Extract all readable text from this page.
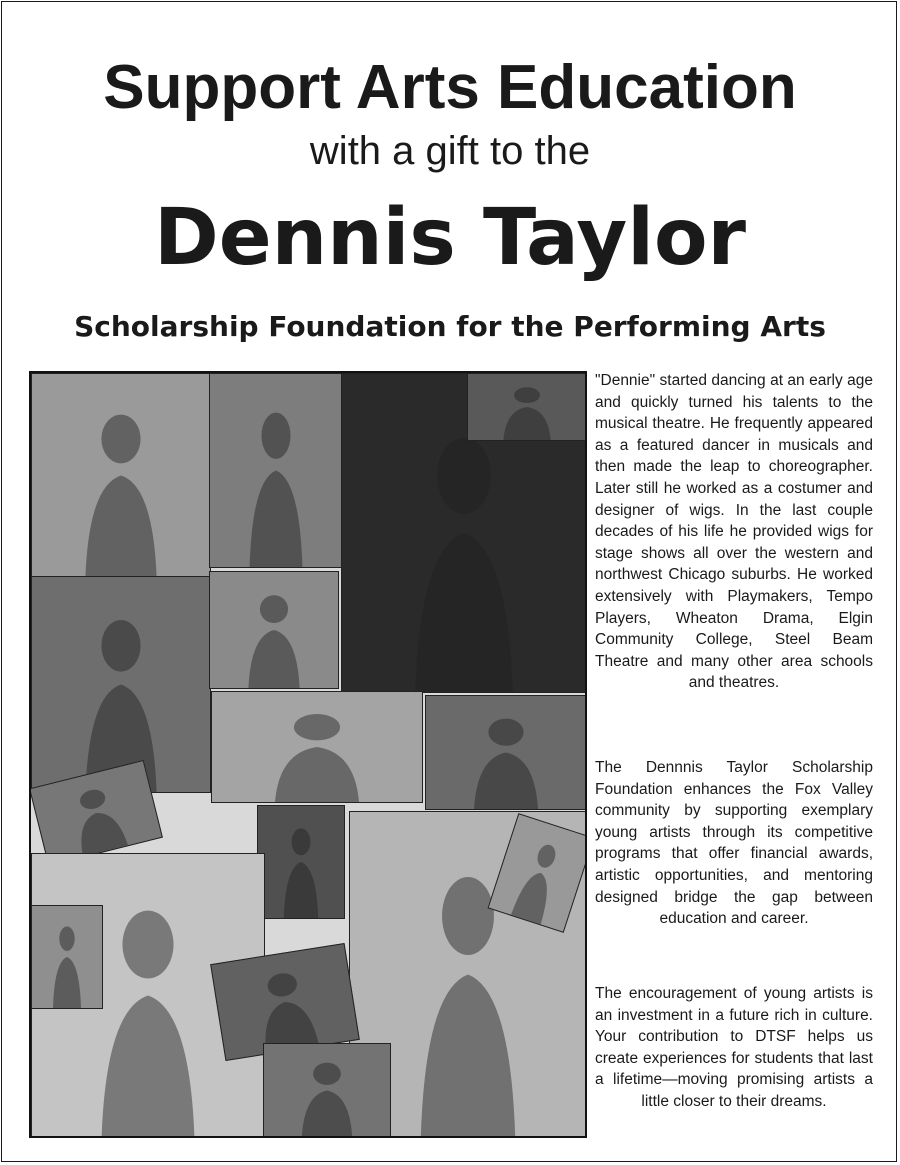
Support Arts Education
with a gift to the
Dennis Taylor
Scholarship Foundation for the Performing Arts

"Dennie" started dancing at an early age and quickly turned his talents to the musical theatre. He frequently appeared as a featured dancer in musicals and then made the leap to choreographer. Later still he worked as a costumer and designer of wigs. In the last couple decades of his life he provided wigs for stage shows all over the western and northwest Chicago suburbs. He worked extensively with Playmakers, Tempo Players, Wheaton Drama, Elgin Community College, Steel Beam Theatre and many other area schools and theatres.

The Dennnis Taylor Scholarship Foundation enhances the Fox Valley community by supporting exemplary young artists through its competitive programs that offer financial awards, artistic opportunities, and mentoring designed bridge the gap between education and career.

The encouragement of young artists is an investment in a future rich in culture. Your contribution to DTSF helps us create experiences for students that last a lifetime—moving promising artists a little closer to their dreams.
